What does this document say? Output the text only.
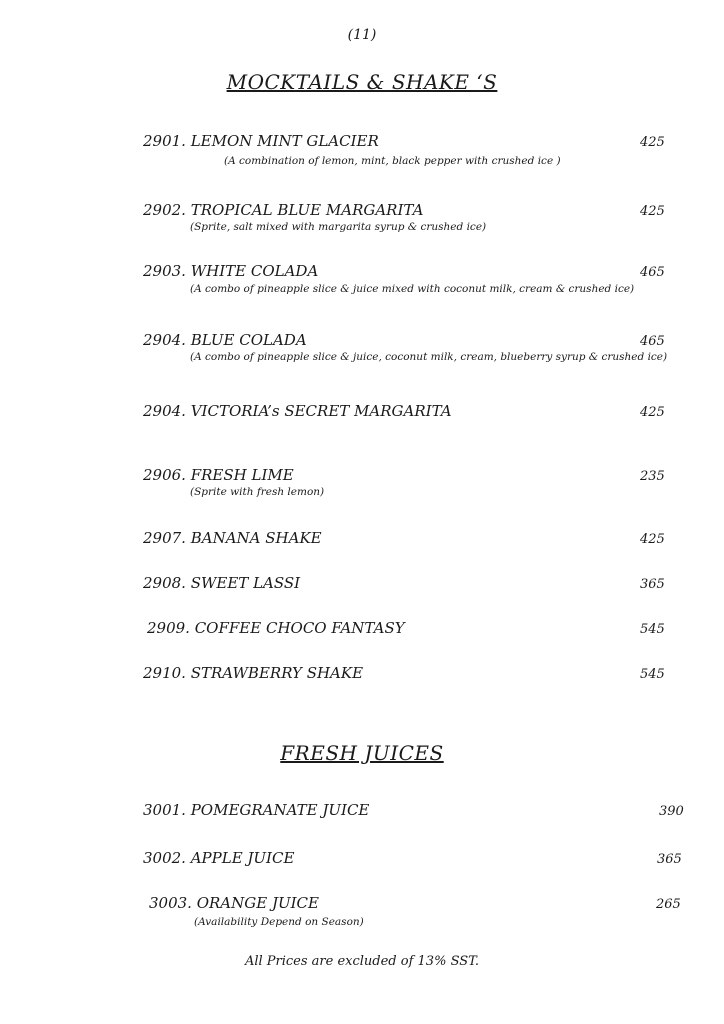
(11)
MOCKTAILS & SHAKE ‘S
2901. LEMON MINT GLACIER	425
(A combination of lemon, mint, black pepper with crushed ice )
2902. TROPICAL BLUE MARGARITA	425
(Sprite, salt mixed with margarita syrup & crushed ice)
2903. WHITE COLADA	465
(A combo of pineapple slice & juice mixed with coconut milk, cream & crushed ice)
2904. BLUE COLADA	465
(A combo of pineapple slice & juice, coconut milk, cream, blueberry syrup & crushed ice)
2904. VICTORIA’s SECRET MARGARITA	425
2906. FRESH LIME	235
(Sprite with fresh lemon)
2907. BANANA SHAKE	425
2908. SWEET LASSI	365
2909. COFFEE CHOCO FANTASY	545
2910. STRAWBERRY SHAKE	545
FRESH JUICES
3001. POMEGRANATE JUICE	390
3002. APPLE JUICE	365
3003. ORANGE JUICE	265
(Availability Depend on Season)
All Prices are excluded of 13% SST.
